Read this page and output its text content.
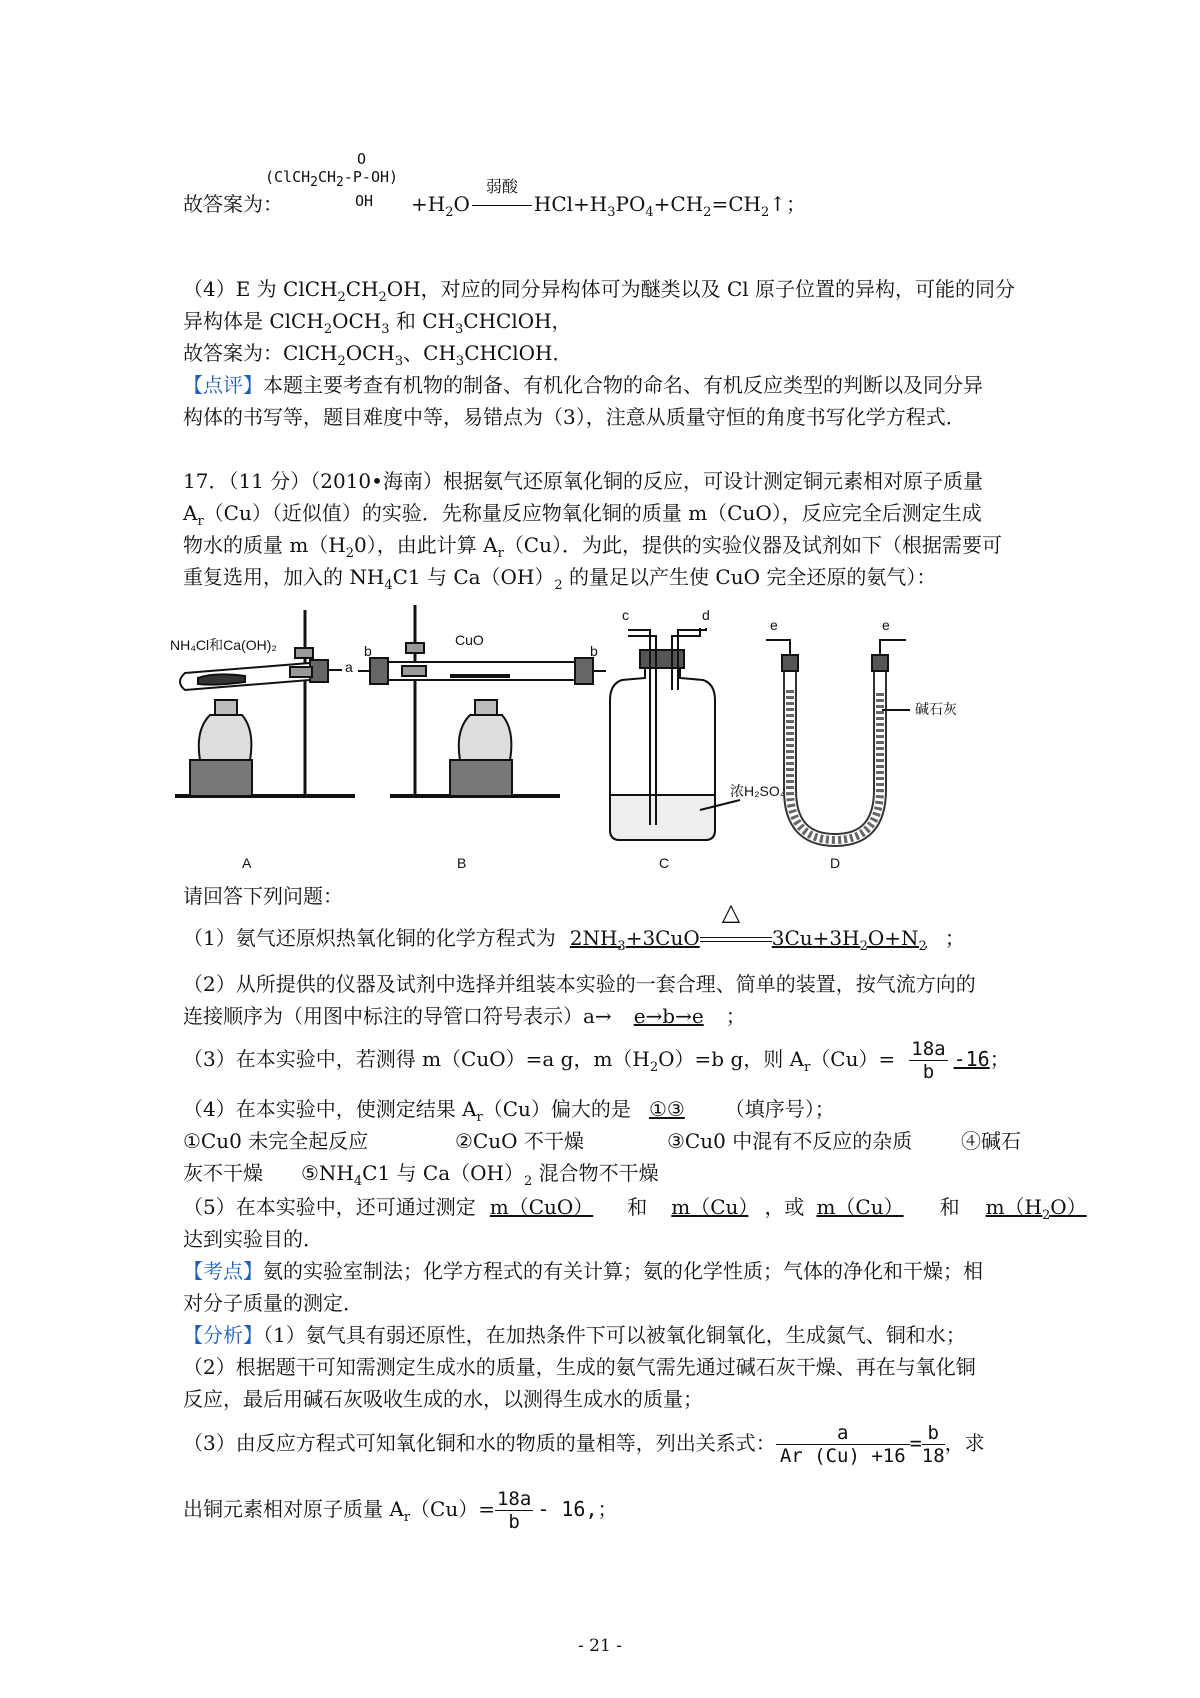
故答案为：
O
$(ClCH_2CH_2-P-OH)$
OH	$+H_2O$
弱酸
$HCl+H_3PO_4+CH_2=CH_2↑$；
（4）E 为 $ClCH_2CH_2OH$，对应的同分异构体可为醚类以及 Cl 原子位置的异构，可能的同分
异构体是 $ClCH_2OCH_3$ 和 $CH_3CHClOH$，
故答案为：$ClCH_2OCH_3$、$CH_3CHClOH$．
【点评】本题主要考查有机物的制备、有机化合物的命名、有机反应类型的判断以及同分异
构体的书写等，题目难度中等，易错点为（3），注意从质量守恒的角度书写化学方程式．
17．（11 分）（2010•海南）根据氨气还原氧化铜的反应，可设计测定铜元素相对原子质量
$A_r(Cu)$（近似值）的实验．先称量反应物氧化铜的质量 m（CuO），反应完全后测定生成
物水的质量 $m(H_20)$，由此计算 $A_r(Cu)$．为此，提供的实验仪器及试剂如下（根据需要可
重复选用，加入的 $NH_4C1$ 与 $Ca(OH)_2$ 的量足以产生使 CuO 完全还原的氨气）：
NH₄Cl和Ca(OH)₂
a
A
CuO
b	b
B
c	d
浓H₂SO₄
C
e	e
碱石灰
D
请回答下列问题：
（1）氨气还原炽热氧化铜的化学方程式为 $2NH_3+3CuO$
△
$3Cu+3H_2O+N_2$ ；
（2）从所提供的仪器及试剂中选择并组装本实验的一套合理、简单的装置，按气流方向的
连接顺序为（用图中标注的导管口符号表示）a→ e→b→e ；
（3）在本实验中，若测得 m（CuO）=a g，$m(H_2O)=b$ g，则 $A_r(Cu)= \frac{18a}{b} -16$；
（4）在本实验中，使测定结果 $A_r(Cu)$偏大的是 ①③ （填序号）；
①Cu0 未完全起反应	②CuO 不干燥	③Cu0 中混有不反应的杂质 ④碱石
灰不干燥 $⑤NH_4C1$ 与 $Ca(OH)_2$ 混合物不干燥
（5）在本实验中，还可通过测定 m（CuO） 和 m（Cu） ，或 m（Cu） 和 $m(H_2O)$
达到实验目的．
【考点】氨的实验室制法；化学方程式的有关计算；氨的化学性质；气体的净化和干燥；相
对分子质量的测定．
【分析】（1）氨气具有弱还原性，在加热条件下可以被氧化铜氧化，生成氮气、铜和水；
（2）根据题干可知需测定生成水的质量，生成的氨气需先通过碱石灰干燥、再在与氧化铜
反应，最后用碱石灰吸收生成的水，以测得生成水的质量；
（3）由反应方程式可知氧化铜和水的物质的量相等，列出关系式： $\frac{a}{Ar (Cu) +16} = \frac{b}{18}$ ，求
出铜元素相对原子质量 $A_r(Cu)= \frac{18a}{b} - 16$,；
- 21 -
